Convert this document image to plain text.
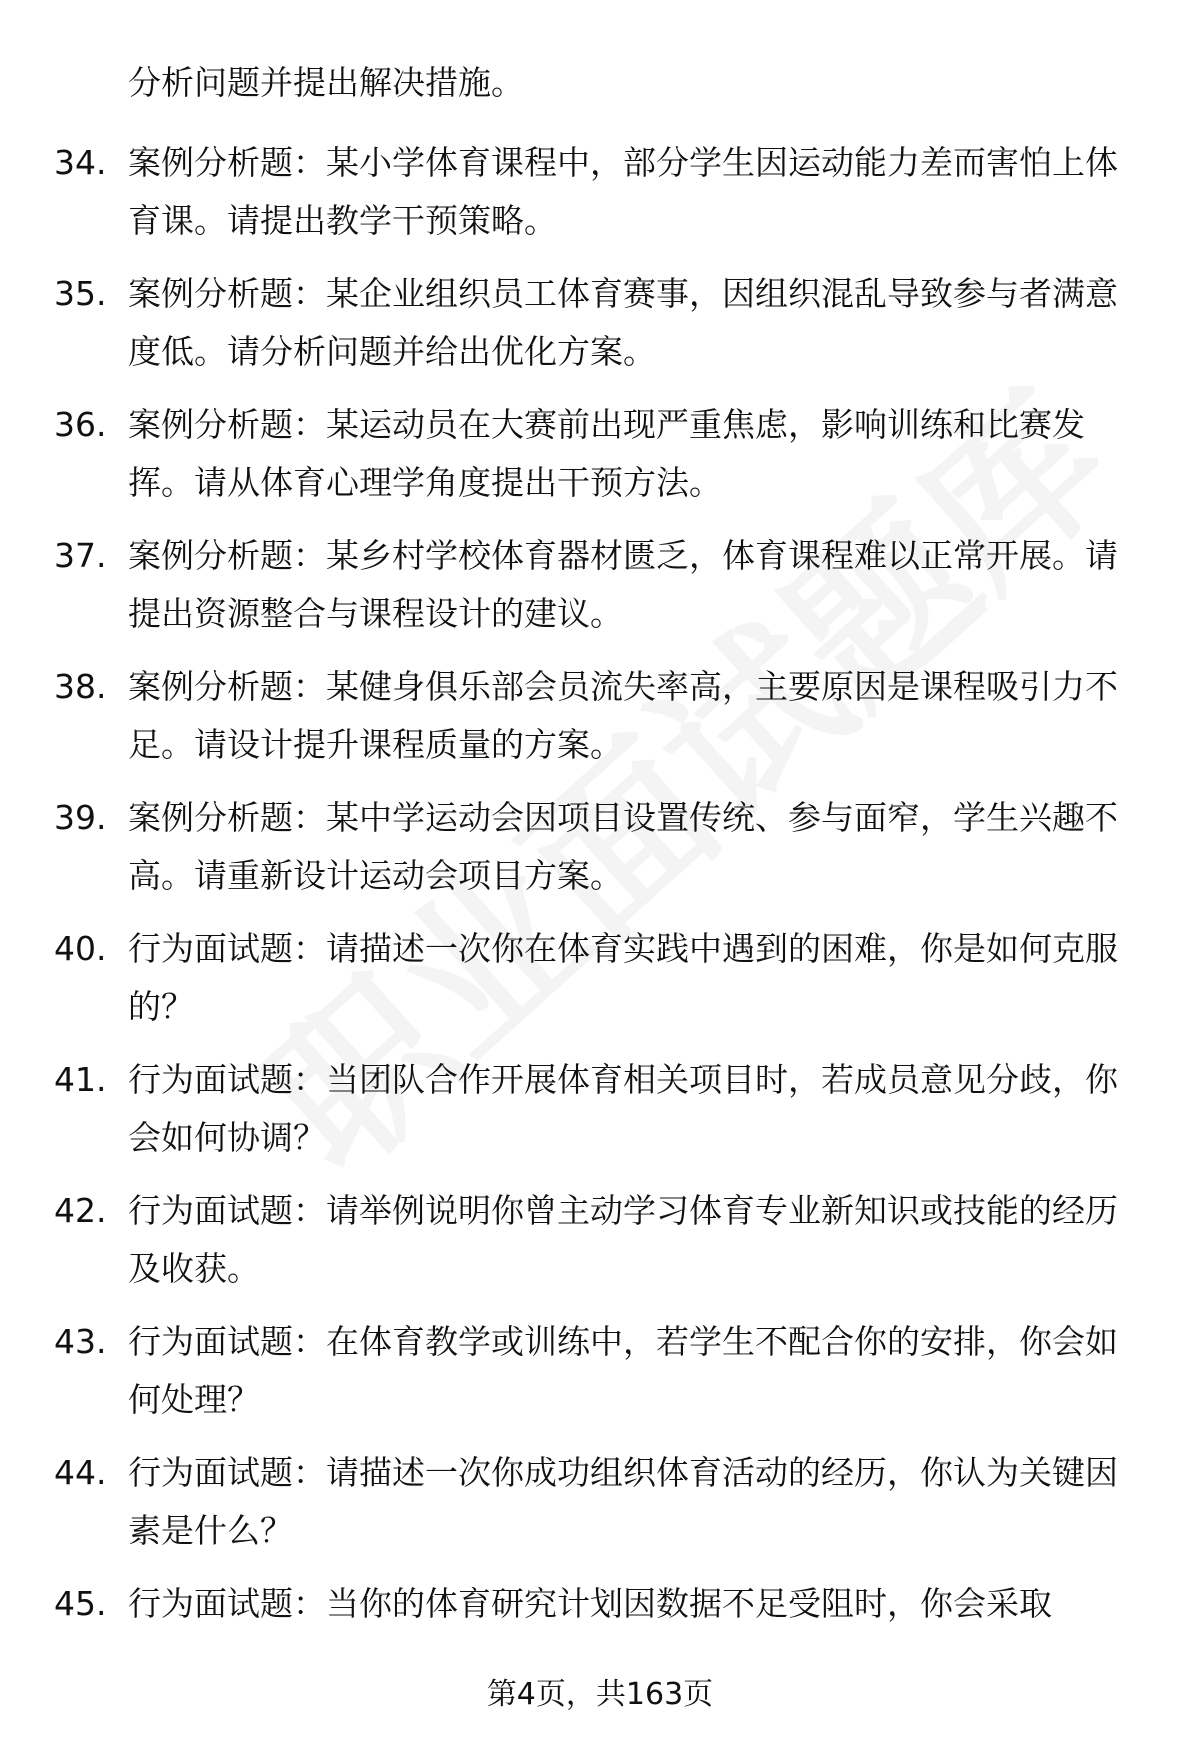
分析问题并提出解决措施。

34. 案例分析题：某小学体育课程中，部分学生因运动能力差而害怕上体育课。请提出教学干预策略。
35. 案例分析题：某企业组织员工体育赛事，因组织混乱导致参与者满意度低。请分析问题并给出优化方案。
36. 案例分析题：某运动员在大赛前出现严重焦虑，影响训练和比赛发挥。请从体育心理学角度提出干预方法。
37. 案例分析题：某乡村学校体育器材匮乏，体育课程难以正常开展。请提出资源整合与课程设计的建议。
38. 案例分析题：某健身俱乐部会员流失率高，主要原因是课程吸引力不足。请设计提升课程质量的方案。
39. 案例分析题：某中学运动会因项目设置传统、参与面窄，学生兴趣不高。请重新设计运动会项目方案。
40. 行为面试题：请描述一次你在体育实践中遇到的困难，你是如何克服的？
41. 行为面试题：当团队合作开展体育相关项目时，若成员意见分歧，你会如何协调？
42. 行为面试题：请举例说明你曾主动学习体育专业新知识或技能的经历及收获。
43. 行为面试题：在体育教学或训练中，若学生不配合你的安排，你会如何处理？
44. 行为面试题：请描述一次你成功组织体育活动的经历，你认为关键因素是什么？
45. 行为面试题：当你的体育研究计划因数据不足受阻时，你会采取
第4页，共163页
